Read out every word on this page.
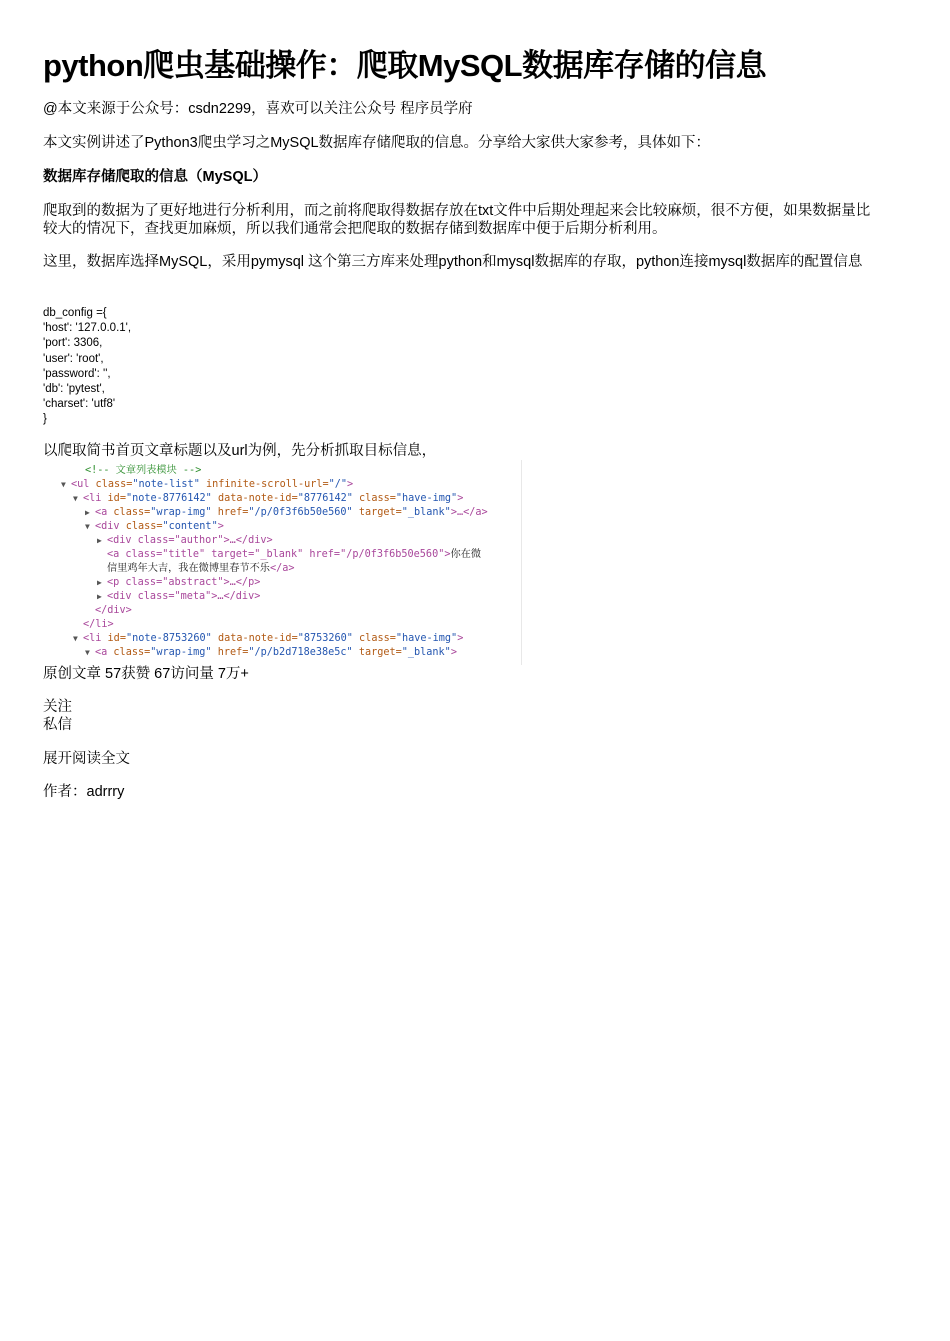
python爬虫基础操作：爬取MySQL数据库存储的信息

@本文来源于公众号：csdn2299，喜欢可以关注公众号 程序员学府

本文实例讲述了Python3爬虫学习之MySQL数据库存储爬取的信息。分享给大家供大家参考，具体如下：

数据库存储爬取的信息（MySQL）

爬取到的数据为了更好地进行分析利用，而之前将爬取得数据存放在txt文件中后期处理起来会比较麻烦，很不方便，如果数据量比较大的情况下，查找更加麻烦，所以我们通常会把爬取的数据存储到数据库中便于后期分析利用。

这里，数据库选择MySQL，采用pymysql 这个第三方库来处理python和mysql数据库的存取，python连接mysql数据库的配置信息

db_config ={
'host': '127.0.0.1',
'port': 3306,
'user': 'root',
'password': '',
'db': 'pytest',
'charset': 'utf8'
}

以爬取简书首页文章标题以及url为例，先分析抓取目标信息，

<!-- 文章列表模块 -->
▼ <ul class="note-list" infinite-scroll-url="/">
▼ <li id="note-8776142" data-note-id="8776142" class="have-img">
▶ <a class="wrap-img" href="/p/0f3f6b50e560" target="_blank">…</a>
▼ <div class="content">
▶ <div class="author">…</div>
<a class="title" target="_blank" href="/p/0f3f6b50e560">你在微
信里鸡年大吉，我在微博里春节不乐</a>
▶ <p class="abstract">…</p>
▶ <div class="meta">…</div>
</div>
</li>
▼ <li id="note-8753260" data-note-id="8753260" class="have-img">
▼ <a class="wrap-img" href="/p/b2d718e38e5c" target="_blank">

原创文章 57获赞 67访问量 7万+

关注

私信

展开阅读全文

作者：adrrry
